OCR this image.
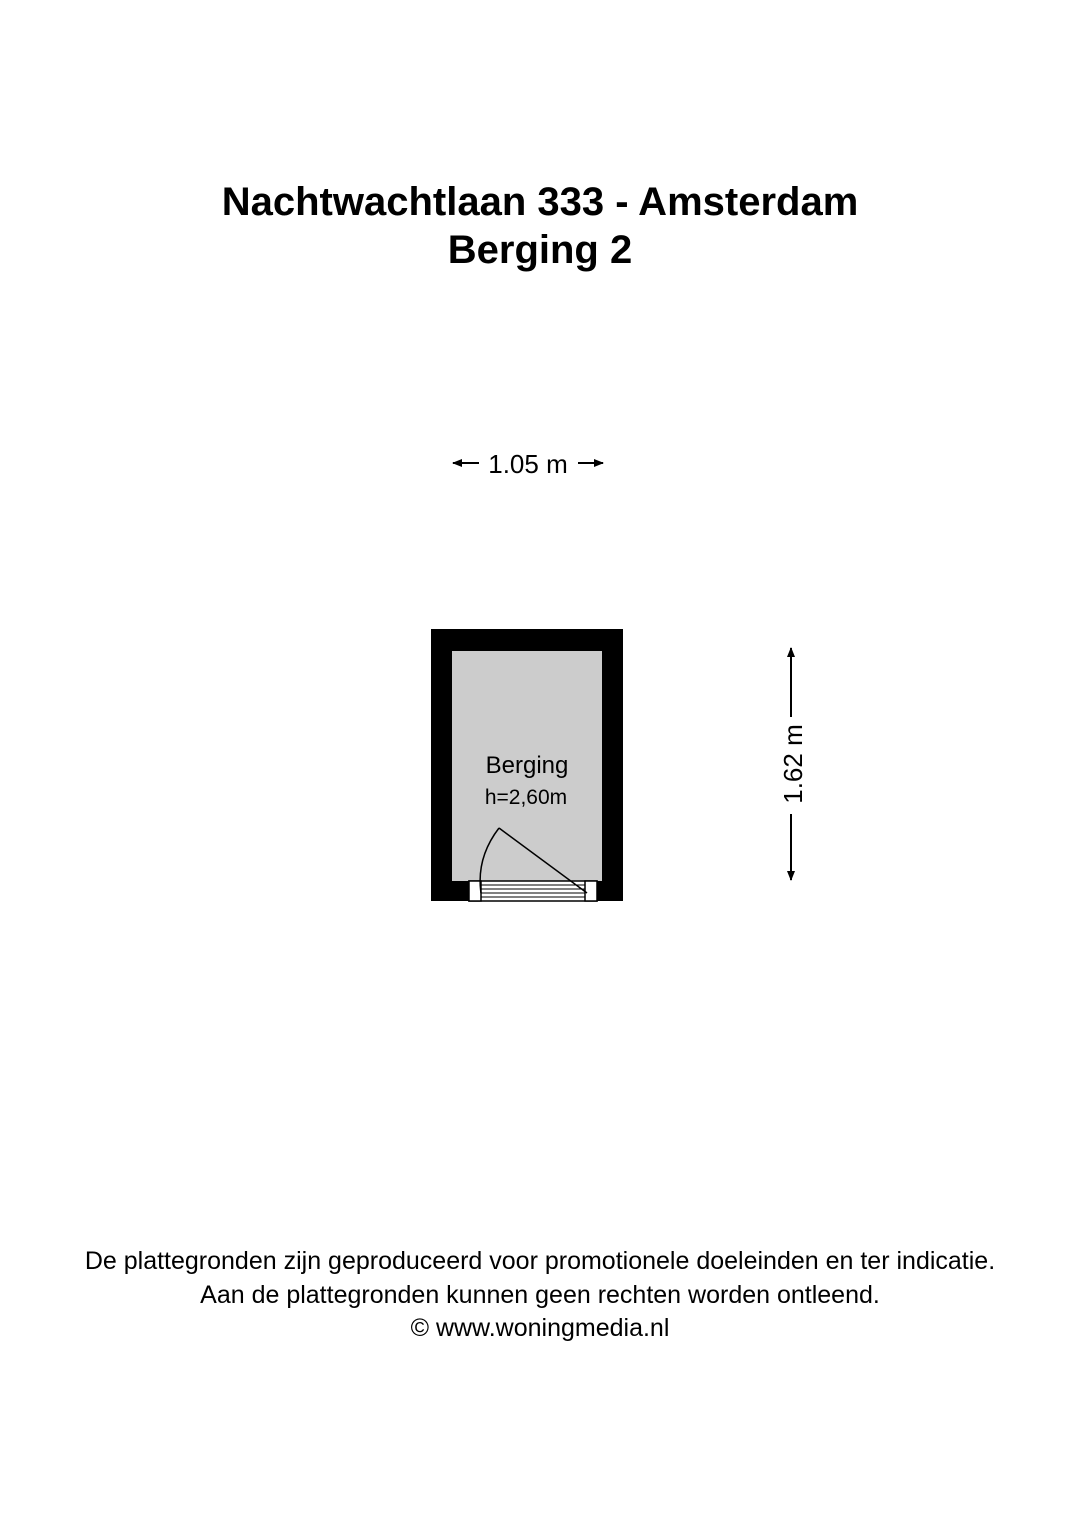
Nachtwachtlaan 333 - Amsterdam
Berging 2
1.05 m
1.62 m
Berging
h=2,60m
De plattegronden zijn geproduceerd voor promotionele doeleinden en ter indicatie.
Aan de plattegronden kunnen geen rechten worden ontleend.
© www.woningmedia.nl
